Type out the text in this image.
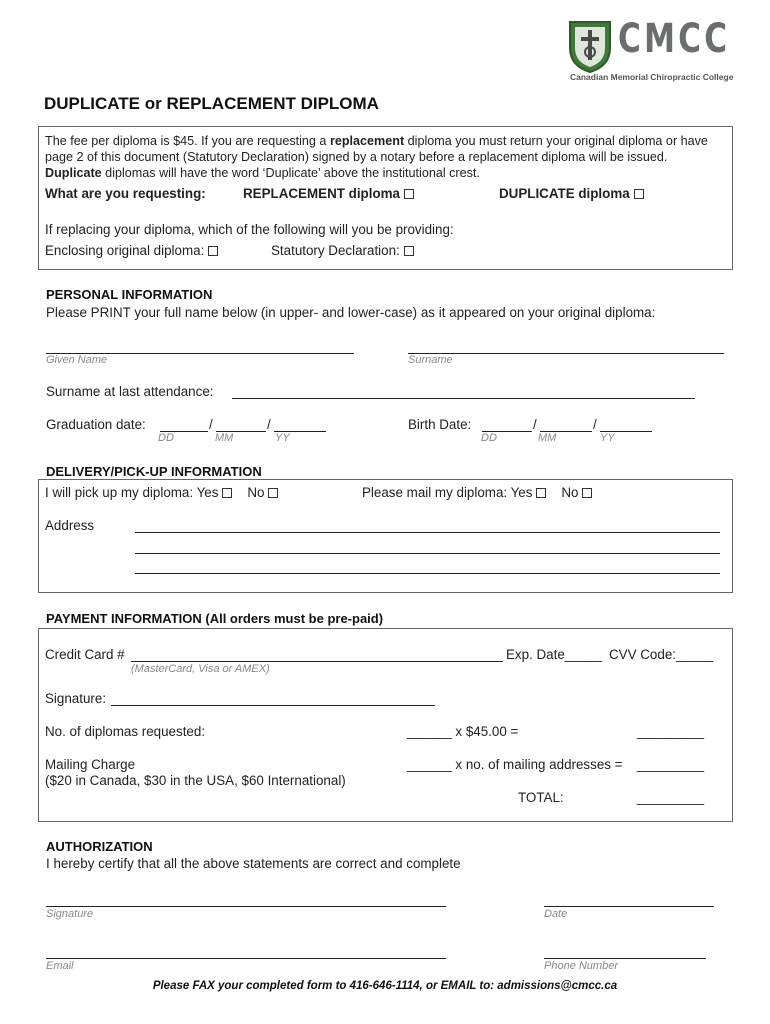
CMCC
Canadian Memorial Chiropractic College
DUPLICATE or REPLACEMENT DIPLOMA
The fee per diploma is $45. If you are requesting a replacement diploma you must return your original diploma or have page 2 of this document (Statutory Declaration) signed by a notary before a replacement diploma will be issued. Duplicate diplomas will have the word ‘Duplicate’ above the institutional crest.
What are you requesting:	REPLACEMENT diploma	DUPLICATE diploma
If replacing your diploma, which of the following will you be providing:
Enclosing original diploma:	Statutory Declaration:
PERSONAL INFORMATION
Please PRINT your full name below (in upper- and lower-case) as it appeared on your original diploma:
Given Name	Surname
Surname at last attendance:
Graduation date:	/	/
DD	MM	YY
Birth Date:	/	/
DD	MM	YY
DELIVERY/PICK-UP INFORMATION
I will pick up my diploma: Yes No	Please mail my diploma: Yes No
Address
PAYMENT INFORMATION (All orders must be pre-paid)
Credit Card #	Exp. Date_____ CVV Code:_____
(MasterCard, Visa or AMEX)
Signature:
No. of diplomas requested:	______ x $45.00 =	_________
Mailing Charge
($20 in Canada, $30 in the USA, $60 International)
______ x no. of mailing addresses = _________
TOTAL:	_________
AUTHORIZATION
I hereby certify that all the above statements are correct and complete
Signature	Date
Email	Phone Number
Please FAX your completed form to 416-646-1114, or EMAIL to: admissions@cmcc.ca
